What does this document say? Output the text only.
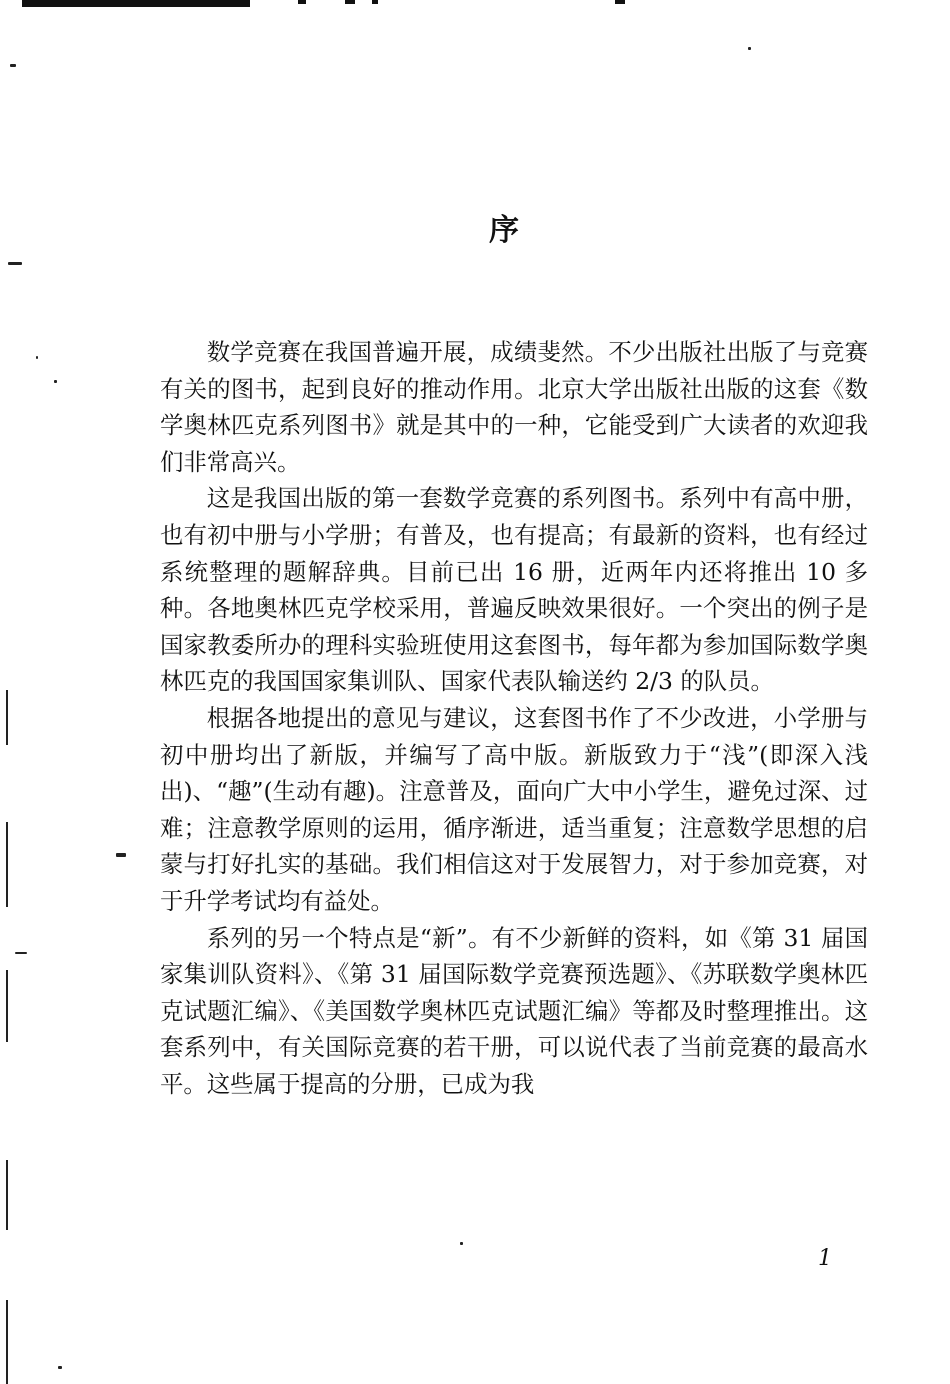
序

数学竞赛在我国普遍开展，成绩斐然。不少出版社出版了与竞赛有关的图书，起到良好的推动作用。北京大学出版社出版的这套《数学奥林匹克系列图书》就是其中的一种，它能受到广大读者的欢迎我们非常高兴。

这是我国出版的第一套数学竞赛的系列图书。系列中有高中册，也有初中册与小学册；有普及，也有提高；有最新的资料，也有经过系统整理的题解辞典。目前已出 16 册，近两年内还将推出 10 多种。各地奥林匹克学校采用，普遍反映效果很好。一个突出的例子是国家教委所办的理科实验班使用这套图书，每年都为参加国际数学奥林匹克的我国国家集训队、国家代表队输送约 2/3 的队员。

根据各地提出的意见与建议，这套图书作了不少改进，小学册与初中册均出了新版，并编写了高中版。新版致力于“浅”(即深入浅出)、“趣”(生动有趣)。注意普及，面向广大中小学生，避免过深、过难；注意教学原则的运用，循序渐进，适当重复；注意数学思想的启蒙与打好扎实的基础。我们相信这对于发展智力，对于参加竞赛，对于升学考试均有益处。

系列的另一个特点是“新”。有不少新鲜的资料，如《第 31 届国家集训队资料》、《第 31 届国际数学竞赛预选题》、《苏联数学奥林匹克试题汇编》、《美国数学奥林匹克试题汇编》等都及时整理推出。这套系列中，有关国际竞赛的若干册，可以说代表了当前竞赛的最高水平。这些属于提高的分册，已成为我

1
